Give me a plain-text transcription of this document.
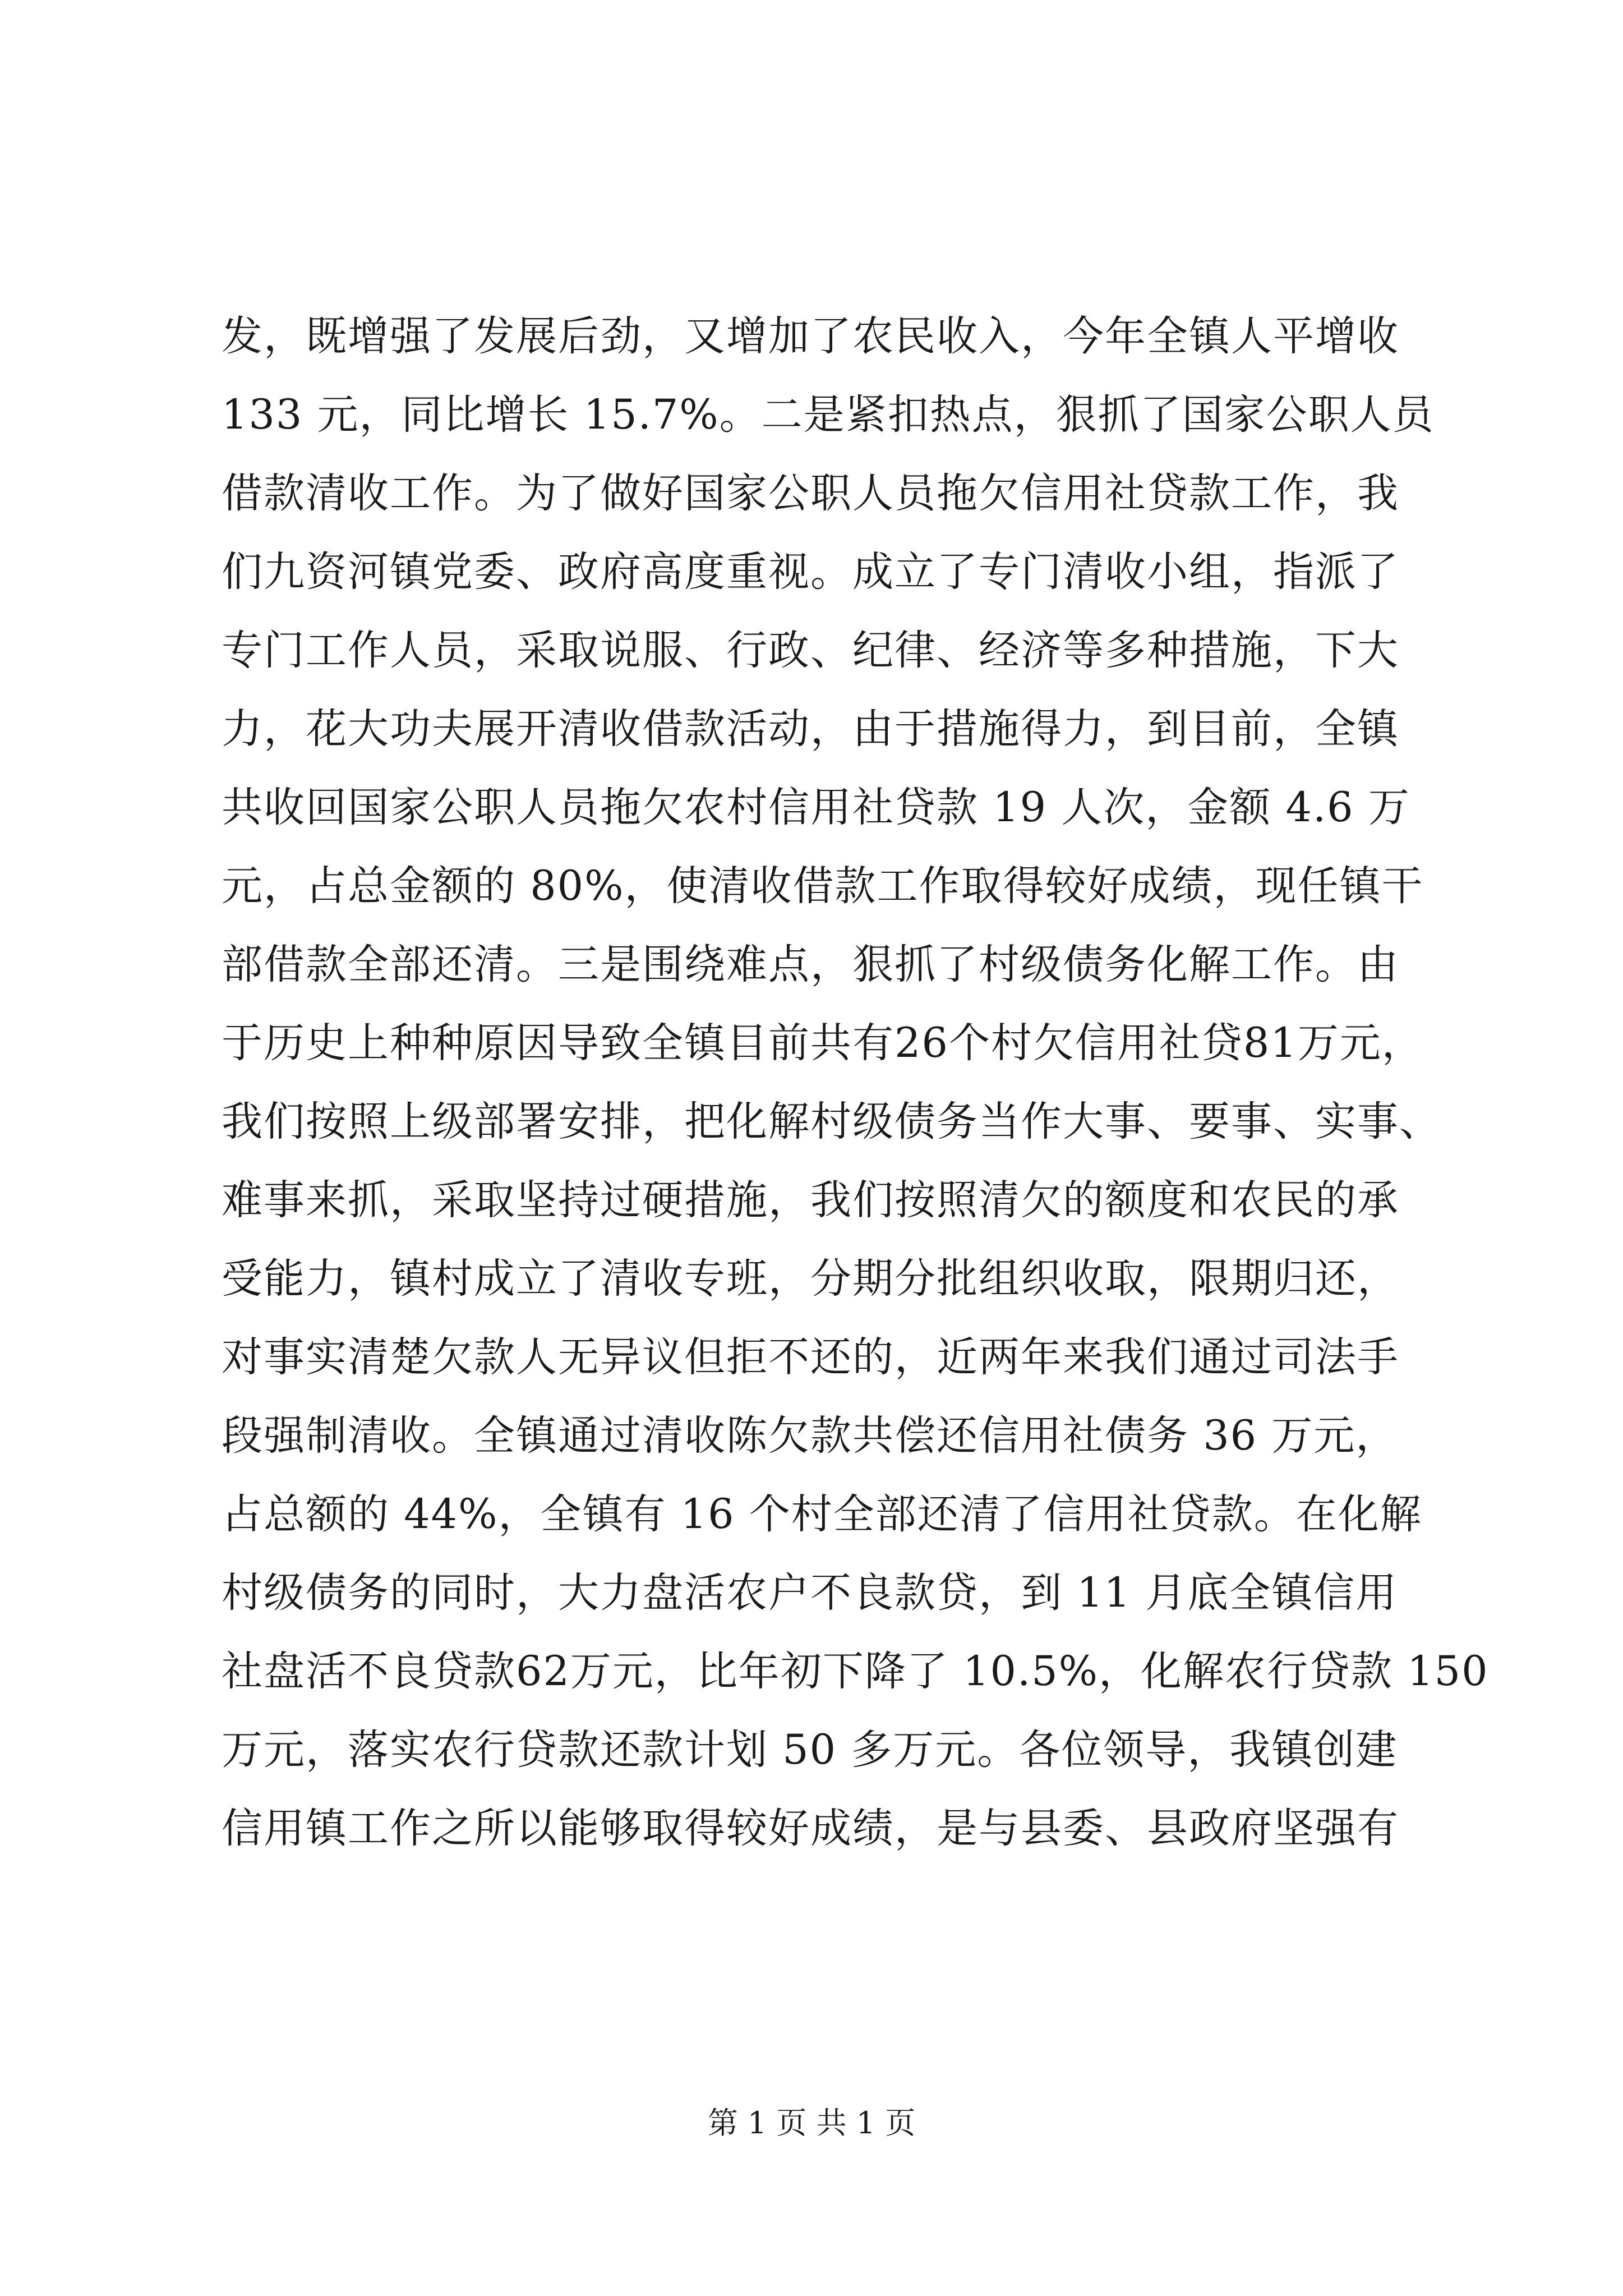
发，既增强了发展后劲，又增加了农民收入，今年全镇人平增收
133 元，同比增长 15.7%。二是紧扣热点，狠抓了国家公职人员
借款清收工作。为了做好国家公职人员拖欠信用社贷款工作，我
们九资河镇党委、政府高度重视。成立了专门清收小组，指派了
专门工作人员，采取说服、行政、纪律、经济等多种措施，下大
力，花大功夫展开清收借款活动，由于措施得力，到目前，全镇
共收回国家公职人员拖欠农村信用社贷款 19 人次，金额 4.6 万
元，占总金额的 80%，使清收借款工作取得较好成绩，现任镇干
部借款全部还清。三是围绕难点，狠抓了村级债务化解工作。由
于历史上种种原因导致全镇目前共有26个村欠信用社贷81万元，
我们按照上级部署安排，把化解村级债务当作大事、要事、实事、
难事来抓，采取坚持过硬措施，我们按照清欠的额度和农民的承
受能力，镇村成立了清收专班，分期分批组织收取，限期归还，
对事实清楚欠款人无异议但拒不还的，近两年来我们通过司法手
段强制清收。全镇通过清收陈欠款共偿还信用社债务 36 万元，
占总额的 44%，全镇有 16 个村全部还清了信用社贷款。在化解
村级债务的同时，大力盘活农户不良款贷，到 11 月底全镇信用
社盘活不良贷款62万元，比年初下降了 10.5%，化解农行贷款 150
万元，落实农行贷款还款计划 50 多万元。各位领导，我镇创建
信用镇工作之所以能够取得较好成绩，是与县委、县政府坚强有
第 1 页 共 1 页
